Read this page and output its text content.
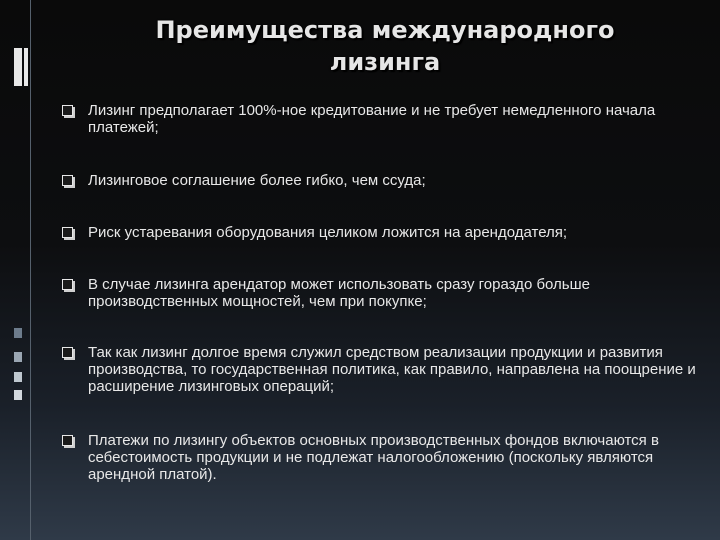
Преимущества международного
лизинга
Лизинг предполагает 100%-ное кредитование и не требует немедленного начала платежей;
Лизинговое соглашение более гибко, чем ссуда;
Риск устаревания оборудования целиком ложится на арендодателя;
В случае лизинга арендатор может использовать сразу гораздо больше производственных мощностей, чем при покупке;
Так как лизинг долгое время служил средством реализации продукции и развития производства, то государственная политика, как правило, направлена на поощрение и расширение лизинговых операций;
Платежи по лизингу объектов основных производственных фондов включаются в себестоимость продукции и не подлежат налогообложению (поскольку являются арендной платой).
